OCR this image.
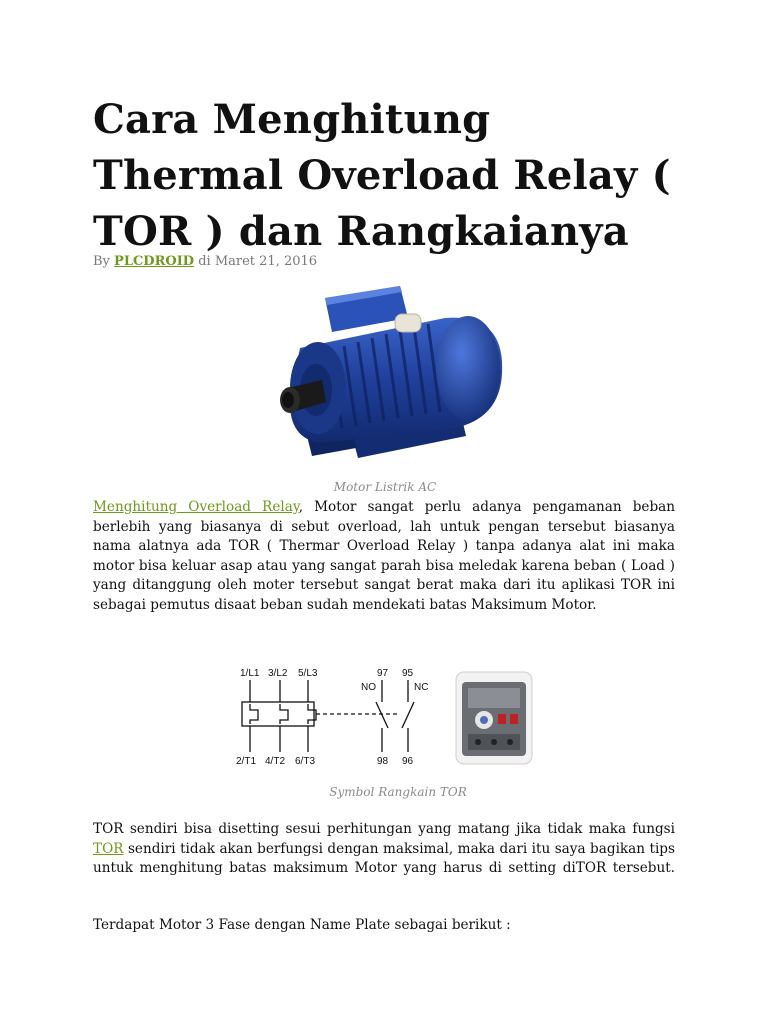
Cara Menghitung Thermal Overload Relay ( TOR ) dan Rangkaianya
By PLCDROID di Maret 21, 2016
Motor Listrik AC

Menghitung Overload Relay, Motor sangat perlu adanya pengamanan beban berlebih yang biasanya di sebut overload, lah untuk pengan tersebut biasanya nama alatnya ada TOR ( Thermar Overload Relay ) tanpa adanya alat ini maka motor bisa keluar asap atau yang sangat parah bisa meledak karena beban ( Load ) yang ditanggung oleh moter tersebut sangat berat maka dari itu aplikasi TOR ini sebagai pemutus disaat beban sudah mendekati batas Maksimum Motor.

1/L1 3/L2 5/L3
2/T1 4/T2 6/T3
97 95
98 96
NO	NC
Symbol Rangkain TOR

TOR sendiri bisa disetting sesui perhitungan yang matang jika tidak maka fungsi TOR sendiri tidak akan berfungsi dengan maksimal, maka dari itu saya bagikan tips untuk menghitung batas maksimum Motor yang harus di setting diTOR tersebut.

Terdapat Motor 3 Fase dengan Name Plate sebagai berikut :
